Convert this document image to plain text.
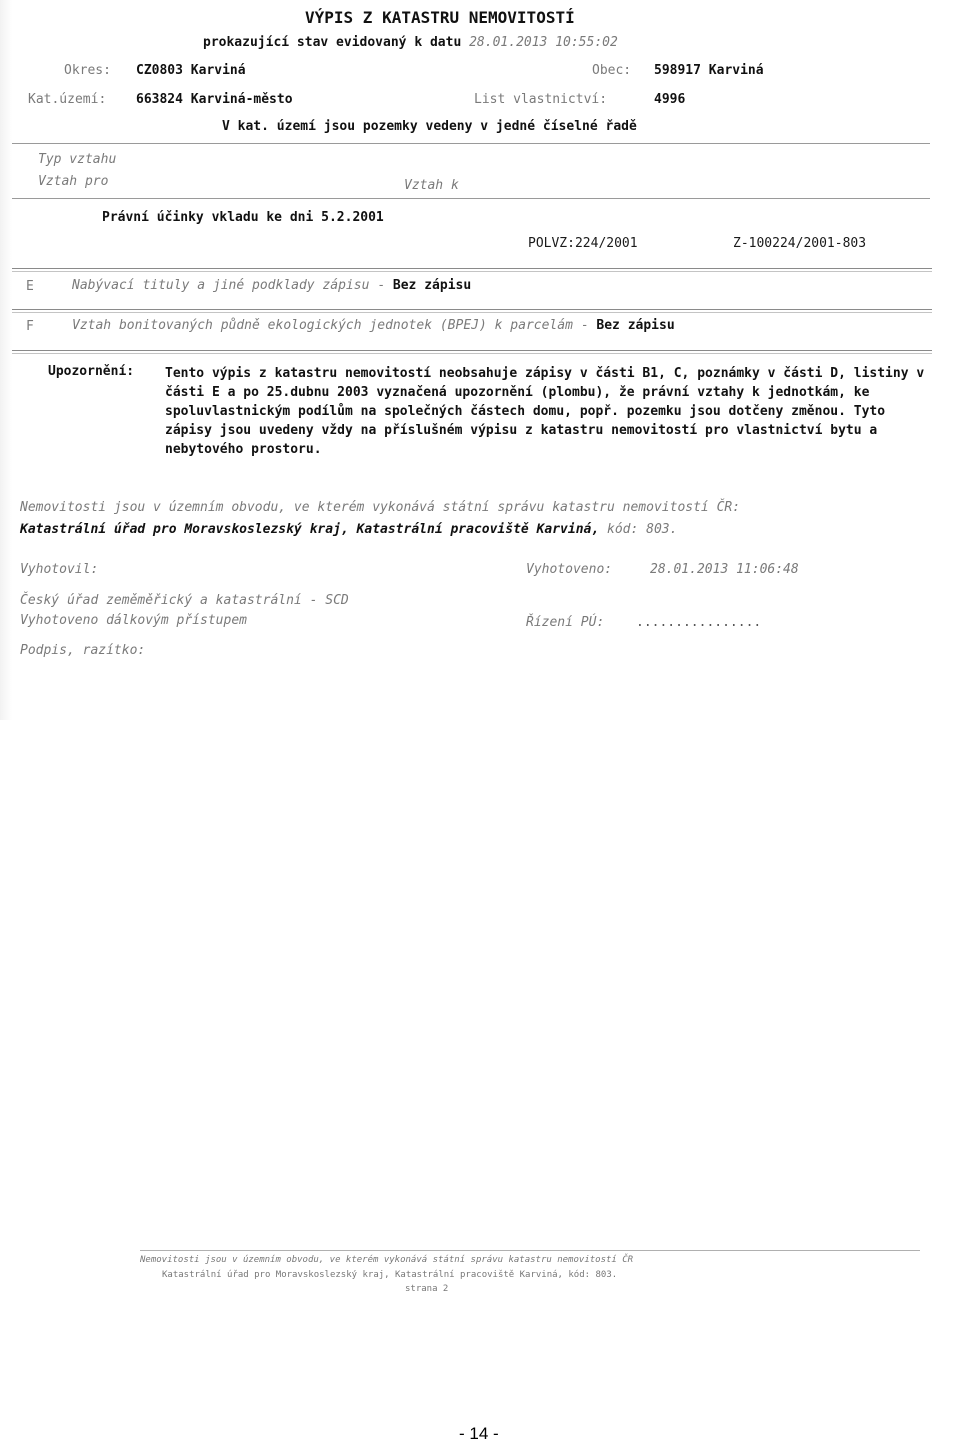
VÝPIS Z KATASTRU NEMOVITOSTÍ
prokazující stav evidovaný k datu 28.01.2013 10:55:02
Okres: CZ0803 Karviná	Obec: 598917 Karviná
Kat.území: 663824 Karviná-město	List vlastnictví:	4996
V kat. území jsou pozemky vedeny v jedné číselné řadě
Typ vztahu
Vztah pro	Vztah k
Právní účinky vkladu ke dni 5.2.2001
POLVZ:224/2001	Z-100224/2001-803
E	Nabývací tituly a jiné podklady zápisu - Bez zápisu
F	Vztah bonitovaných půdně ekologických jednotek (BPEJ) k parcelám - Bez zápisu
Upozornění: Tento výpis z katastru nemovitostí neobsahuje zápisy v části B1, C, poznámky v části D, listiny v části E a po 25.dubnu 2003 vyznačená upozornění (plombu), že právní vztahy k jednotkám, ke spoluvlastnickým podílům na společných částech domu, popř. pozemku jsou dotčeny změnou. Tyto zápisy jsou uvedeny vždy na příslušném výpisu z katastru nemovitostí pro vlastnictví bytu a nebytového prostoru.
Nemovitosti jsou v územním obvodu, ve kterém vykonává státní správu katastru nemovitostí ČR:
Katastrální úřad pro Moravskoslezský kraj, Katastrální pracoviště Karviná, kód: 803.
Vyhotovil:	Vyhotoveno:	28.01.2013 11:06:48
Český úřad zeměměřický a katastrální - SCD
Vyhotoveno dálkovým přístupem	Řízení PÚ: ................
Podpis, razítko:
Nemovitosti jsou v územním obvodu, ve kterém vykonává státní správu katastru nemovitostí ČR
Katastrální úřad pro Moravskoslezský kraj, Katastrální pracoviště Karviná, kód: 803.
strana 2
- 14 -
